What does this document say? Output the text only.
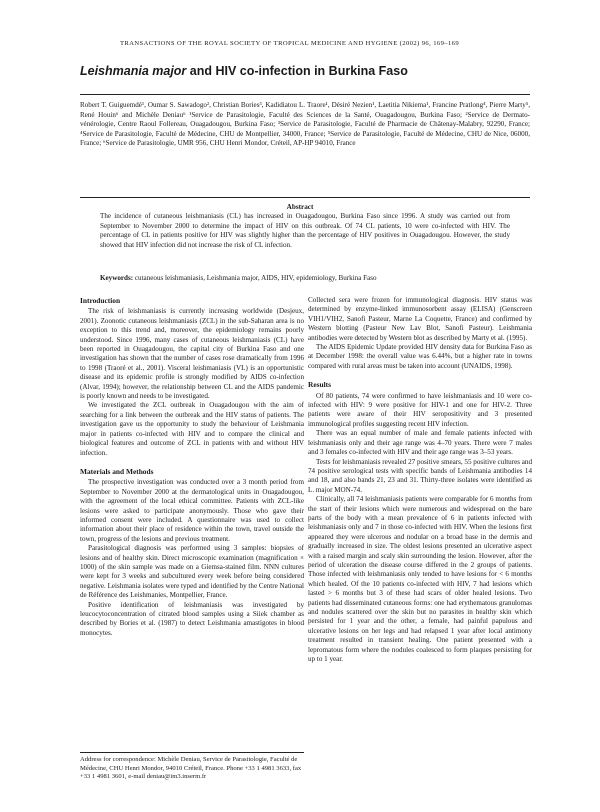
TRANSACTIONS OF THE ROYAL SOCIETY OF TROPICAL MEDICINE AND HYGIENE (2002) 96, 169–169
Leishmania major and HIV co-infection in Burkina Faso
Robert T. Guiguemdé¹, Oumar S. Sawadogo², Christian Bories³, Kadidiatou L. Traore¹, Désiré Nezien¹, Laetitia Nikiema¹, Francine Pratlong⁴, Pierre Marty⁵, René Houin⁶ and Michèle Deniau⁶ ¹Service de Parasitologie, Faculté des Sciences de la Santé, Ouagadougou, Burkina Faso; ²Service de Dermato-vénérologie, Centre Raoul Follereau, Ouagadougou, Burkina Faso; ³Service de Parasitologie, Faculté de Pharmacie de Châtenay-Malabry, 92290, France; ⁴Service de Parasitologie, Faculté de Médecine, CHU de Montpellier, 34000, France; ⁵Service de Parasitologie, Faculté de Médecine, CHU de Nice, 06000, France; ⁶Service de Parasitologie, UMR 956, CHU Henri Mondor, Créteil, AP-HP 94010, France
Abstract
The incidence of cutaneous leishmaniasis (CL) has increased in Ouagadougou, Burkina Faso since 1996. A study was carried out from September to November 2000 to determine the impact of HIV on this outbreak. Of 74 CL patients, 10 were co-infected with HIV. The percentage of CL in patients positive for HIV was slightly higher than the percentage of HIV positives in Ouagadougou. However, the study showed that HIV infection did not increase the risk of CL infection.
Keywords: cutaneous leishmaniasis, Leishmania major, AIDS, HIV, epidemiology, Burkina Faso
Introduction

The risk of leishmaniasis is currently increasing worldwide (Desjeux, 2001). Zoonotic cutaneous leishmaniasis (ZCL) in the sub-Saharan area is no exception to this trend and, moreover, the epidemiology remains poorly understood. Since 1996, many cases of cutaneous leishmaniasis (CL) have been reported in Ouagadougou, the capital city of Burkina Faso and one investigation has shown that the number of cases rose dramatically from 1996 to 1998 (Traoré et al., 2001). Visceral leishmaniasis (VL) is an opportunistic disease and its epidemic profile is strongly modified by AIDS co-infection (Alvar, 1994); however, the relationship between CL and the AIDS pandemic is poorly known and needs to be investigated.

We investigated the ZCL outbreak in Ouagadougou with the aim of searching for a link between the outbreak and the HIV status of patients. The investigation gave us the opportunity to study the behaviour of Leishmania major in patients co-infected with HIV and to compare the clinical and biological features and outcome of ZCL in patients with and without HIV infection.

Materials and Methods

The prospective investigation was conducted over a 3 month period from September to November 2000 at the dermatological units in Ouagadougou, with the agreement of the local ethical committee. Patients with ZCL-like lesions were asked to participate anonymously. Those who gave their informed consent were included. A questionnaire was used to collect information about their place of residence within the town, travel outside the town, progress of the lesions and previous treatment.

Parasitological diagnosis was performed using 3 samples: biopsies of lesions and of healthy skin. Direct microscopic examination (magnification × 1000) of the skin sample was made on a Giemsa-stained film. NNN cultures were kept for 3 weeks and subcultured every week before being considered negative. Leishmania isolates were typed and identified by the Centre National de Référence des Leishmanies, Montpellier, France.

Positive identification of leishmaniasis was investigated by leucocytoconcentration of citrated blood samples using a Siiek chamber as described by Bories et al. (1987) to detect Leishmania amastigotes in blood monocytes.

Collected sera were frozen for immunological diagnosis. HIV status was determined by enzyme-linked immunosorbent assay (ELISA) (Genscreen VIH1/VIH2, Sanofi Pasteur, Marne La Coquette, France) and confirmed by Western blotting (Pasteur New Lav Blot, Sanofi Pasteur). Leishmania antibodies were detected by Western blot as described by Marty et al. (1995).

The AIDS Epidemic Update provided HIV density data for Burkina Faso as at December 1998: the overall value was 6.44%, but a higher rate in towns compared with rural areas must be taken into account (UNAIDS, 1998).

Results

Of 80 patients, 74 were confirmed to have leishmaniasis and 10 were co-infected with HIV: 9 were positive for HIV-1 and one for HIV-2. Three patients were aware of their HIV seropositivity and 3 presented immunological profiles suggesting recent HIV infection.

There was an equal number of male and female patients infected with leishmaniasis only and their age range was 4–70 years. There were 7 males and 3 females co-infected with HIV and their age range was 3–53 years.

Tests for leishmaniasis revealed 27 positive smears, 55 positive cultures and 74 positive serological tests with specific bands of Leishmania antibodies 14 and 18, and also bands 21, 23 and 31. Thirty-three isolates were identified as L. major MON-74.

Clinically, all 74 leishmaniasis patients were comparable for 6 months from the start of their lesions which were numerous and widespread on the bare parts of the body with a mean prevalence of 6 in patients infected with leishmaniasis only and 7 in those co-infected with HIV. When the lesions first appeared they were ulcerous and nodular on a broad base in the dermis and gradually increased in size. The oldest lesions presented an ulcerative aspect with a raised margin and scaly skin surrounding the lesion. However, after the period of ulceration the disease course differed in the 2 groups of patients. Those infected with leishmaniasis only tended to have lesions for < 6 months which healed. Of the 10 patients co-infected with HIV, 7 had lesions which lasted > 6 months but 3 of these had scars of older healed lesions. Two patients had disseminated cutaneous forms: one had erythematous granulomas and nodules scattered over the skin but no parasites in healthy skin which persisted for 1 year and the other, a female, had painful papulous and ulcerative lesions on her legs and had relapsed 1 year after local antimony treatment resulted in transient healing. One patient presented with a lepromatous form where the nodules coalesced to form plaques persisting for up to 1 year.

Address for correspondence: Michèle Deniau, Service de Parasitologie, Faculté de Médecine, CHU Henri Mondor, 94010 Créteil, France. Phone +33 1 4981 3633, fax +33 1 4981 3601, e-mail deniau@im3.inserm.fr
